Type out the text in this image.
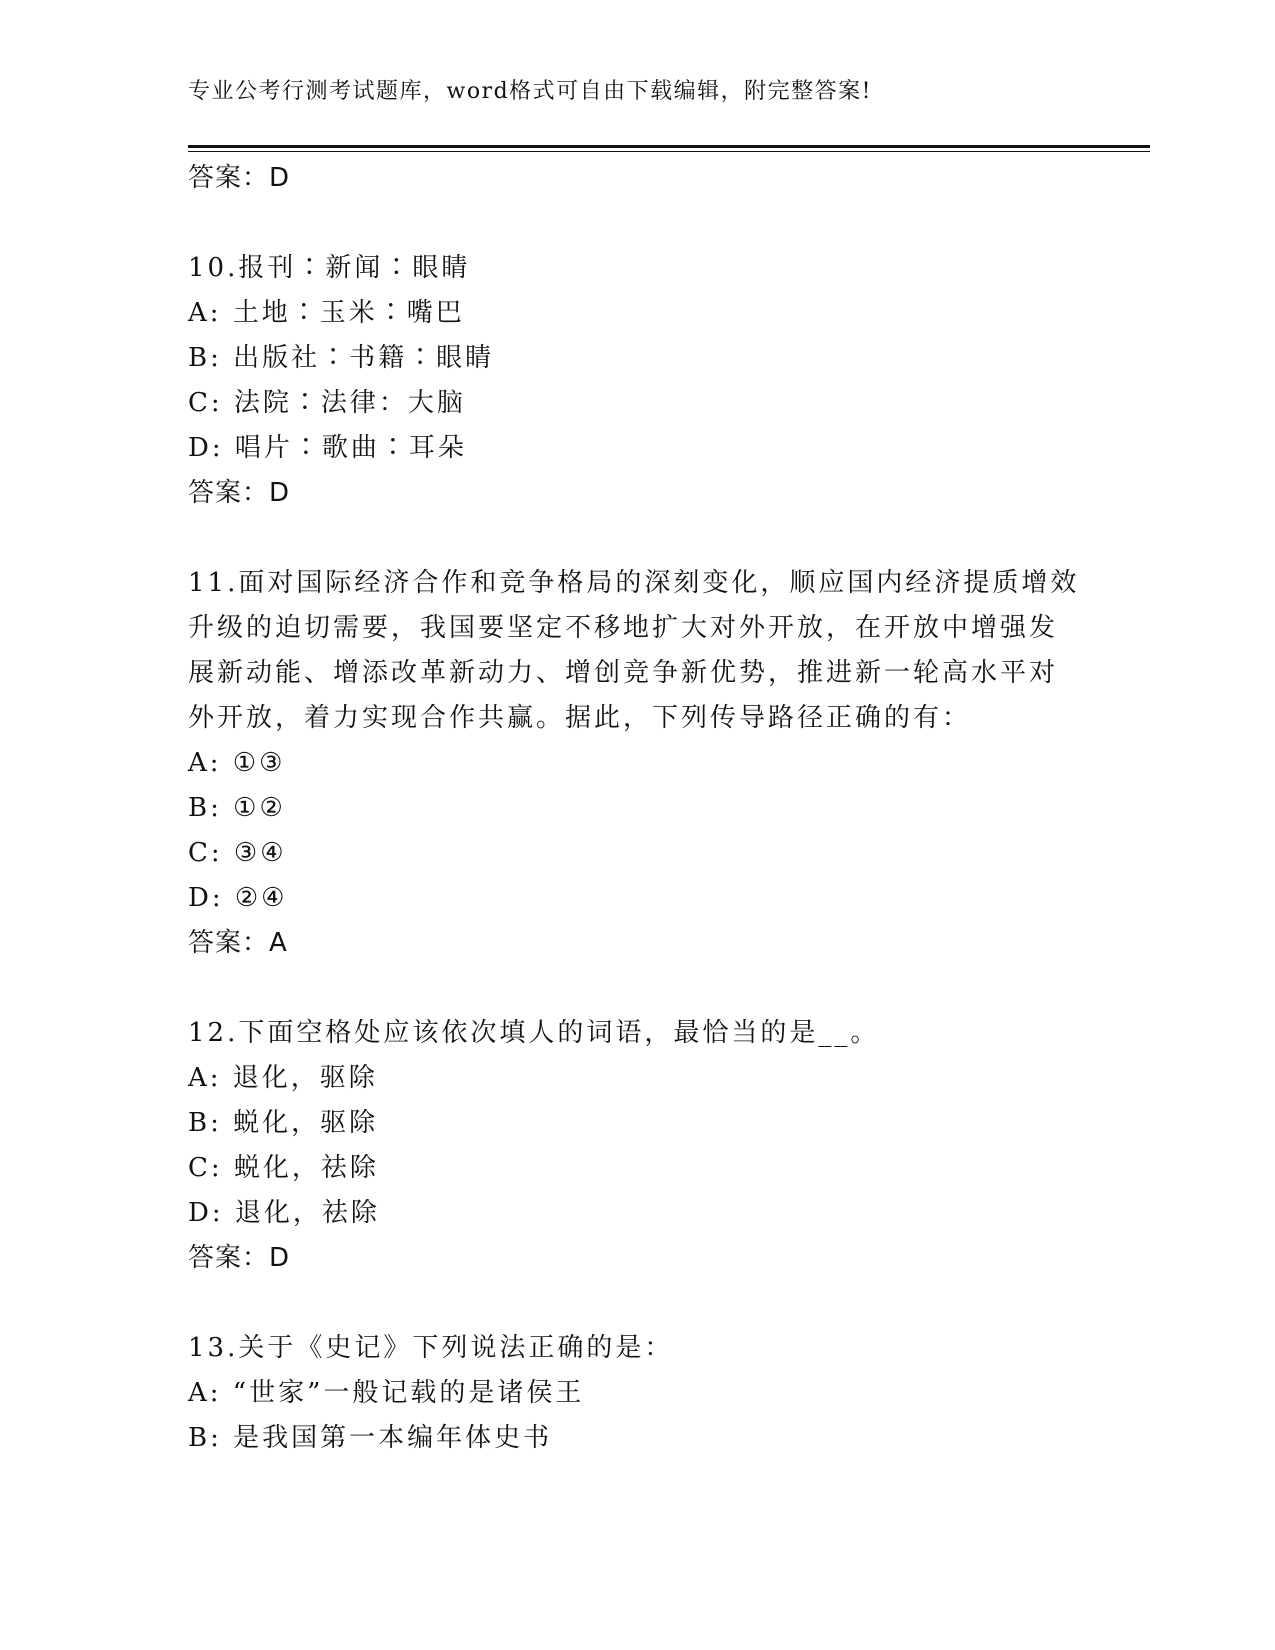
专业公考行测考试题库，word格式可自由下载编辑，附完整答案!
答案：D
10.报刊∶新闻∶眼睛
A: 土地∶玉米∶嘴巴
B: 出版社∶书籍∶眼睛
C: 法院∶法律：大脑
D: 唱片∶歌曲∶耳朵
答案：D
11.面对国际经济合作和竞争格局的深刻变化，顺应国内经济提质增效
升级的迫切需要，我国要坚定不移地扩大对外开放，在开放中增强发
展新动能、增添改革新动力、增创竞争新优势，推进新一轮高水平对
外开放，着力实现合作共赢。据此，下列传导路径正确的有：
A: ①③
B: ①②
C: ③④
D: ②④
答案：A
12.下面空格处应该依次填人的词语，最恰当的是__。
A: 退化，驱除
B: 蜕化，驱除
C: 蜕化，祛除
D: 退化，祛除
答案：D
13.关于《史记》下列说法正确的是：
A: “世家”一般记载的是诸侯王
B: 是我国第一本编年体史书
